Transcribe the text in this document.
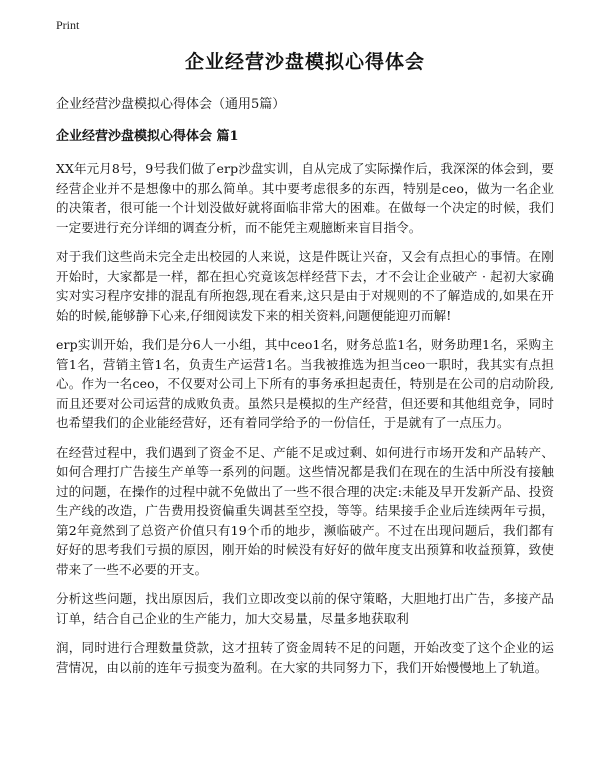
Print
企业经营沙盘模拟心得体会
企业经营沙盘模拟心得体会（通用5篇）
企业经营沙盘模拟心得体会 篇1

XX年元月8号，9号我们做了erp沙盘实训，自从完成了实际操作后，我深深的体会到，要经营企业并不是想像中的那么简单。其中要考虑很多的东西，特别是ceo，做为一名企业的决策者，很可能一个计划没做好就将面临非常大的困难。在做每一个决定的时候，我们一定要进行充分详细的调查分析，而不能凭主观臆断来盲目指令。

对于我们这些尚未完全走出校园的人来说，这是件既让兴奋，又会有点担心的事情。在刚开始时，大家都是一样，都在担心究竟该怎样经营下去，才不会让企业破产 · 起初大家确实对实习程序安排的混乱有所抱怨,现在看来,这只是由于对规则的不了解造成的,如果在开始的时候,能够静下心来,仔细阅读发下来的相关资料,问题便能迎刃而解!

erp实训开始，我们是分6人一小组，其中ceo1名，财务总监1名，财务助理1名，采购主管1名，营销主管1名，负责生产运营1名。当我被推选为担当ceo一职时，我其实有点担心。作为一名ceo，不仅要对公司上下所有的事务承担起责任，特别是在公司的启动阶段,而且还要对公司运营的成败负责。虽然只是模拟的生产经营，但还要和其他组竞争，同时也希望我们的企业能经营好，还有着同学给予的一份信任，于是就有了一点压力。

在经营过程中，我们遇到了资金不足、产能不足或过剩、如何进行市场开发和产品转产、如何合理打广告接生产单等一系列的问题。这些情况都是我们在现在的生活中所没有接触过的问题，在操作的过程中就不免做出了一些不很合理的决定:未能及早开发新产品、投资生产线的改造，广告费用投资偏重失调甚至空投，等等。结果接手企业后连续两年亏损，第2年竟然到了总资产价值只有19个币的地步，濒临破产。不过在出现问题后，我们都有好好的思考我们亏损的原因，刚开始的时候没有好好的做年度支出预算和收益预算，致使带来了一些不必要的开支。

分析这些问题，找出原因后，我们立即改变以前的保守策略，大胆地打出广告，多接产品订单，结合自己企业的生产能力，加大交易量，尽量多地获取利

润，同时进行合理数量贷款，这才扭转了资金周转不足的问题，开始改变了这个企业的运营情况，由以前的连年亏损变为盈利。在大家的共同努力下，我们开始慢慢地上了轨道。
